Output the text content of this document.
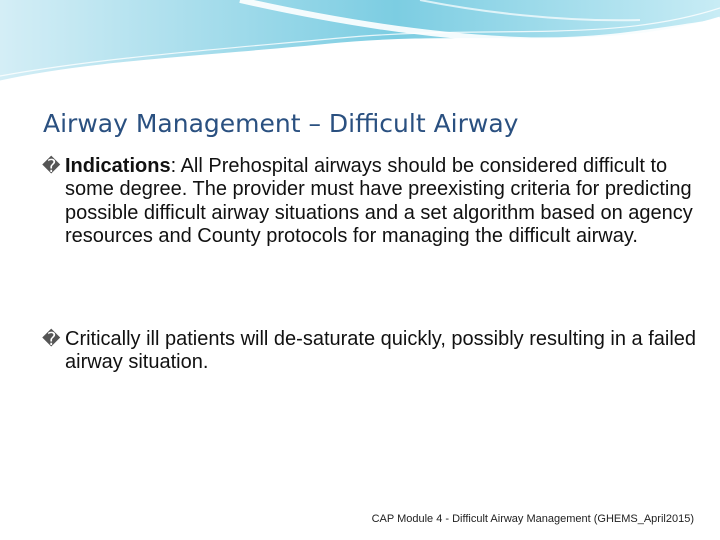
Airway Management – Difficult Airway
� Indications: All Prehospital airways should be considered difficult to some degree. The provider must have preexisting criteria for predicting possible difficult airway situations and a set algorithm based on agency resources and County protocols for managing the difficult airway.
� Critically ill patients will de-saturate quickly, possibly resulting in a failed airway situation.
CAP Module 4 - Difficult Airway Management (GHEMS_April2015)
